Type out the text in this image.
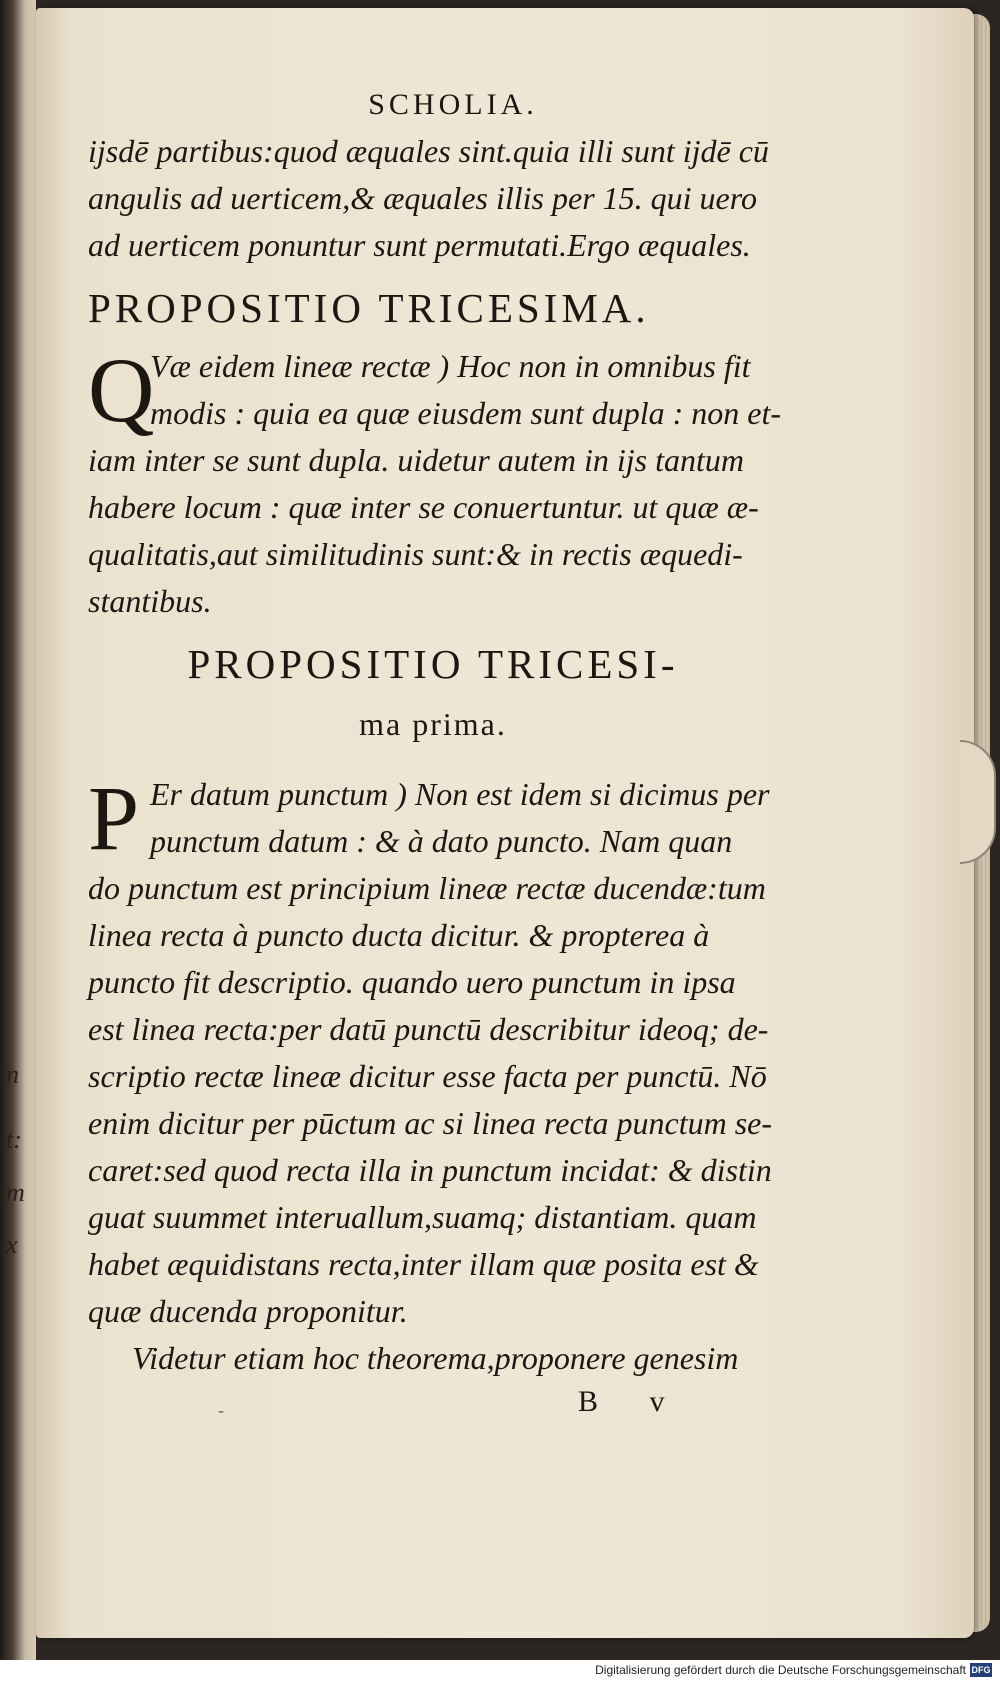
n
t:
m
x
SCHOLIA.
ijsdē partibus:quod æquales sint.quia illi sunt ijdē cū
angulis ad uerticem,& æquales illis per 15. qui uero
ad uerticem ponuntur sunt permutati.Ergo æquales.
PROPOSITIO TRICESIMA.
Q
Væ eidem lineæ rectæ ) Hoc non in omnibus fit
modis : quia ea quæ eiusdem sunt dupla : non et-
iam inter se sunt dupla. uidetur autem in ijs tantum
habere locum : quæ inter se conuertuntur. ut quæ æ-
qualitatis,aut similitudinis sunt:& in rectis æquedi-
stantibus.
PROPOSITIO TRICESI-
ma prima.
P Er datum punctum ) Non est idem si dicimus per
punctum datum : & à dato puncto. Nam quan
do punctum est principium lineæ rectæ ducendæ:tum
linea recta à puncto ducta dicitur. & propterea à
puncto fit descriptio. quando uero punctum in ipsa
est linea recta:per datū punctū describitur ideoq; de-
scriptio rectæ lineæ dicitur esse facta per punctū. Nō
enim dicitur per pūctum ac si linea recta punctum se-
caret:sed quod recta illa in punctum incidat: & distin
guat suummet interuallum,suamq; distantiam. quam
habet æquidistans recta,inter illam quæ posita est &
quæ ducenda proponitur.
Videtur etiam hoc theorema,proponere genesim
-	B v
Digitalisierung gefördert durch die Deutsche Forschungsgemeinschaft DFG
